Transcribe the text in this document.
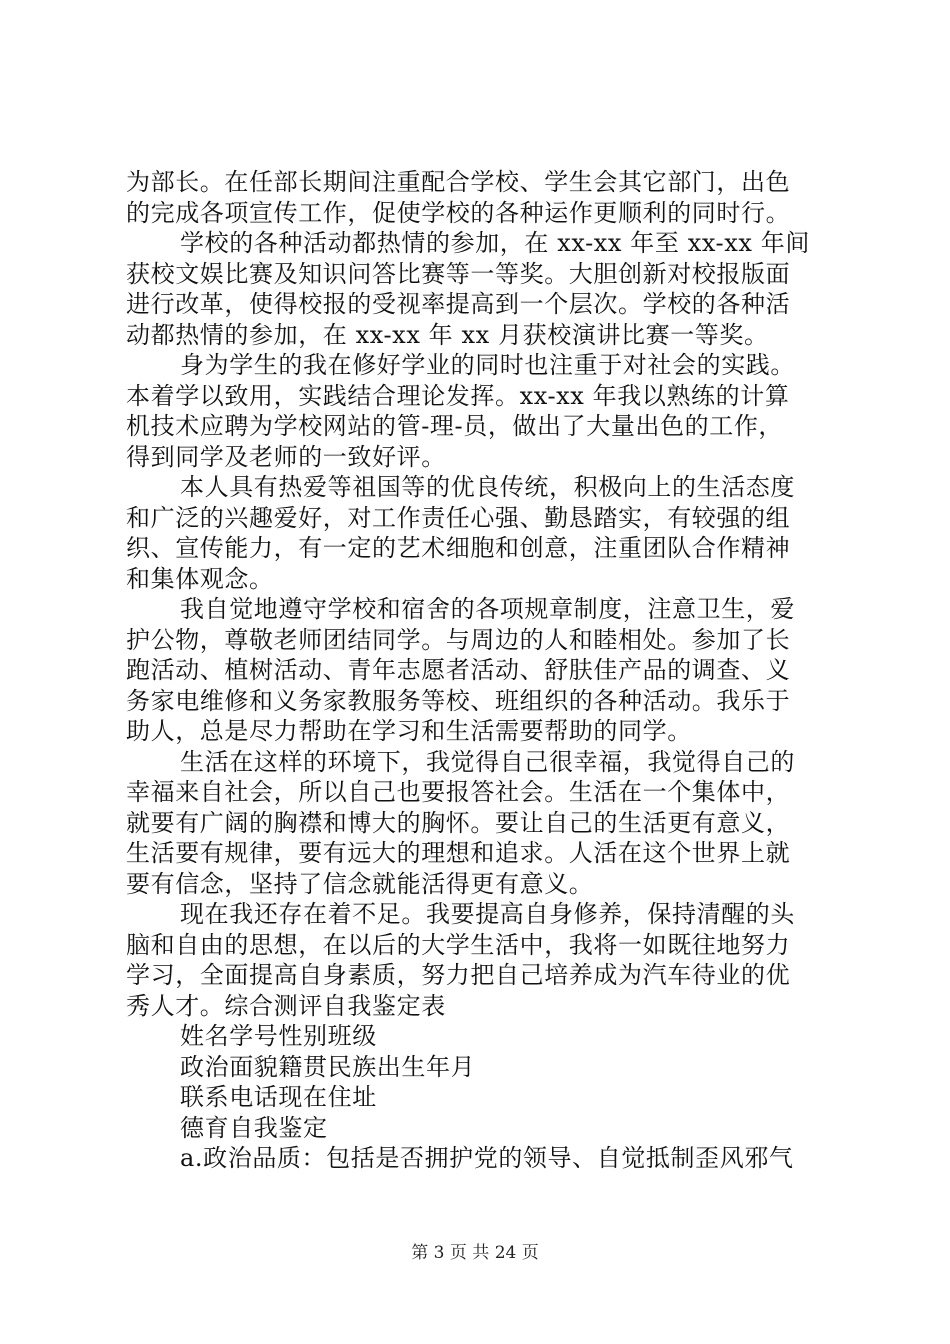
为部长。在任部长期间注重配合学校、学生会其它部门，出色
的完成各项宣传工作，促使学校的各种运作更顺利的同时行。
学校的各种活动都热情的参加，在 xx-xx 年至 xx-xx 年间
获校文娱比赛及知识问答比赛等一等奖。大胆创新对校报版面
进行改革，使得校报的受视率提高到一个层次。学校的各种活
动都热情的参加，在 xx-xx 年 xx 月获校演讲比赛一等奖。
身为学生的我在修好学业的同时也注重于对社会的实践。
本着学以致用，实践结合理论发挥。xx-xx 年我以熟练的计算
机技术应聘为学校网站的管-理-员，做出了大量出色的工作，
得到同学及老师的一致好评。
本人具有热爱等祖国等的优良传统，积极向上的生活态度
和广泛的兴趣爱好，对工作责任心强、勤恳踏实，有较强的组
织、宣传能力，有一定的艺术细胞和创意，注重团队合作精神
和集体观念。
我自觉地遵守学校和宿舍的各项规章制度，注意卫生，爱
护公物，尊敬老师团结同学。与周边的人和睦相处。参加了长
跑活动、植树活动、青年志愿者活动、舒肤佳产品的调查、义
务家电维修和义务家教服务等校、班组织的各种活动。我乐于
助人，总是尽力帮助在学习和生活需要帮助的同学。
生活在这样的环境下，我觉得自己很幸福，我觉得自己的
幸福来自社会，所以自己也要报答社会。生活在一个集体中，
就要有广阔的胸襟和博大的胸怀。要让自己的生活更有意义，
生活要有规律，要有远大的理想和追求。人活在这个世界上就
要有信念，坚持了信念就能活得更有意义。
现在我还存在着不足。我要提高自身修养，保持清醒的头
脑和自由的思想，在以后的大学生活中，我将一如既往地努力
学习，全面提高自身素质，努力把自己培养成为汽车待业的优
秀人才。综合测评自我鉴定表
姓名学号性别班级
政治面貌籍贯民族出生年月
联系电话现在住址
德育自我鉴定
a.政治品质：包括是否拥护党的领导、自觉抵制歪风邪气
第 3 页 共 24 页
